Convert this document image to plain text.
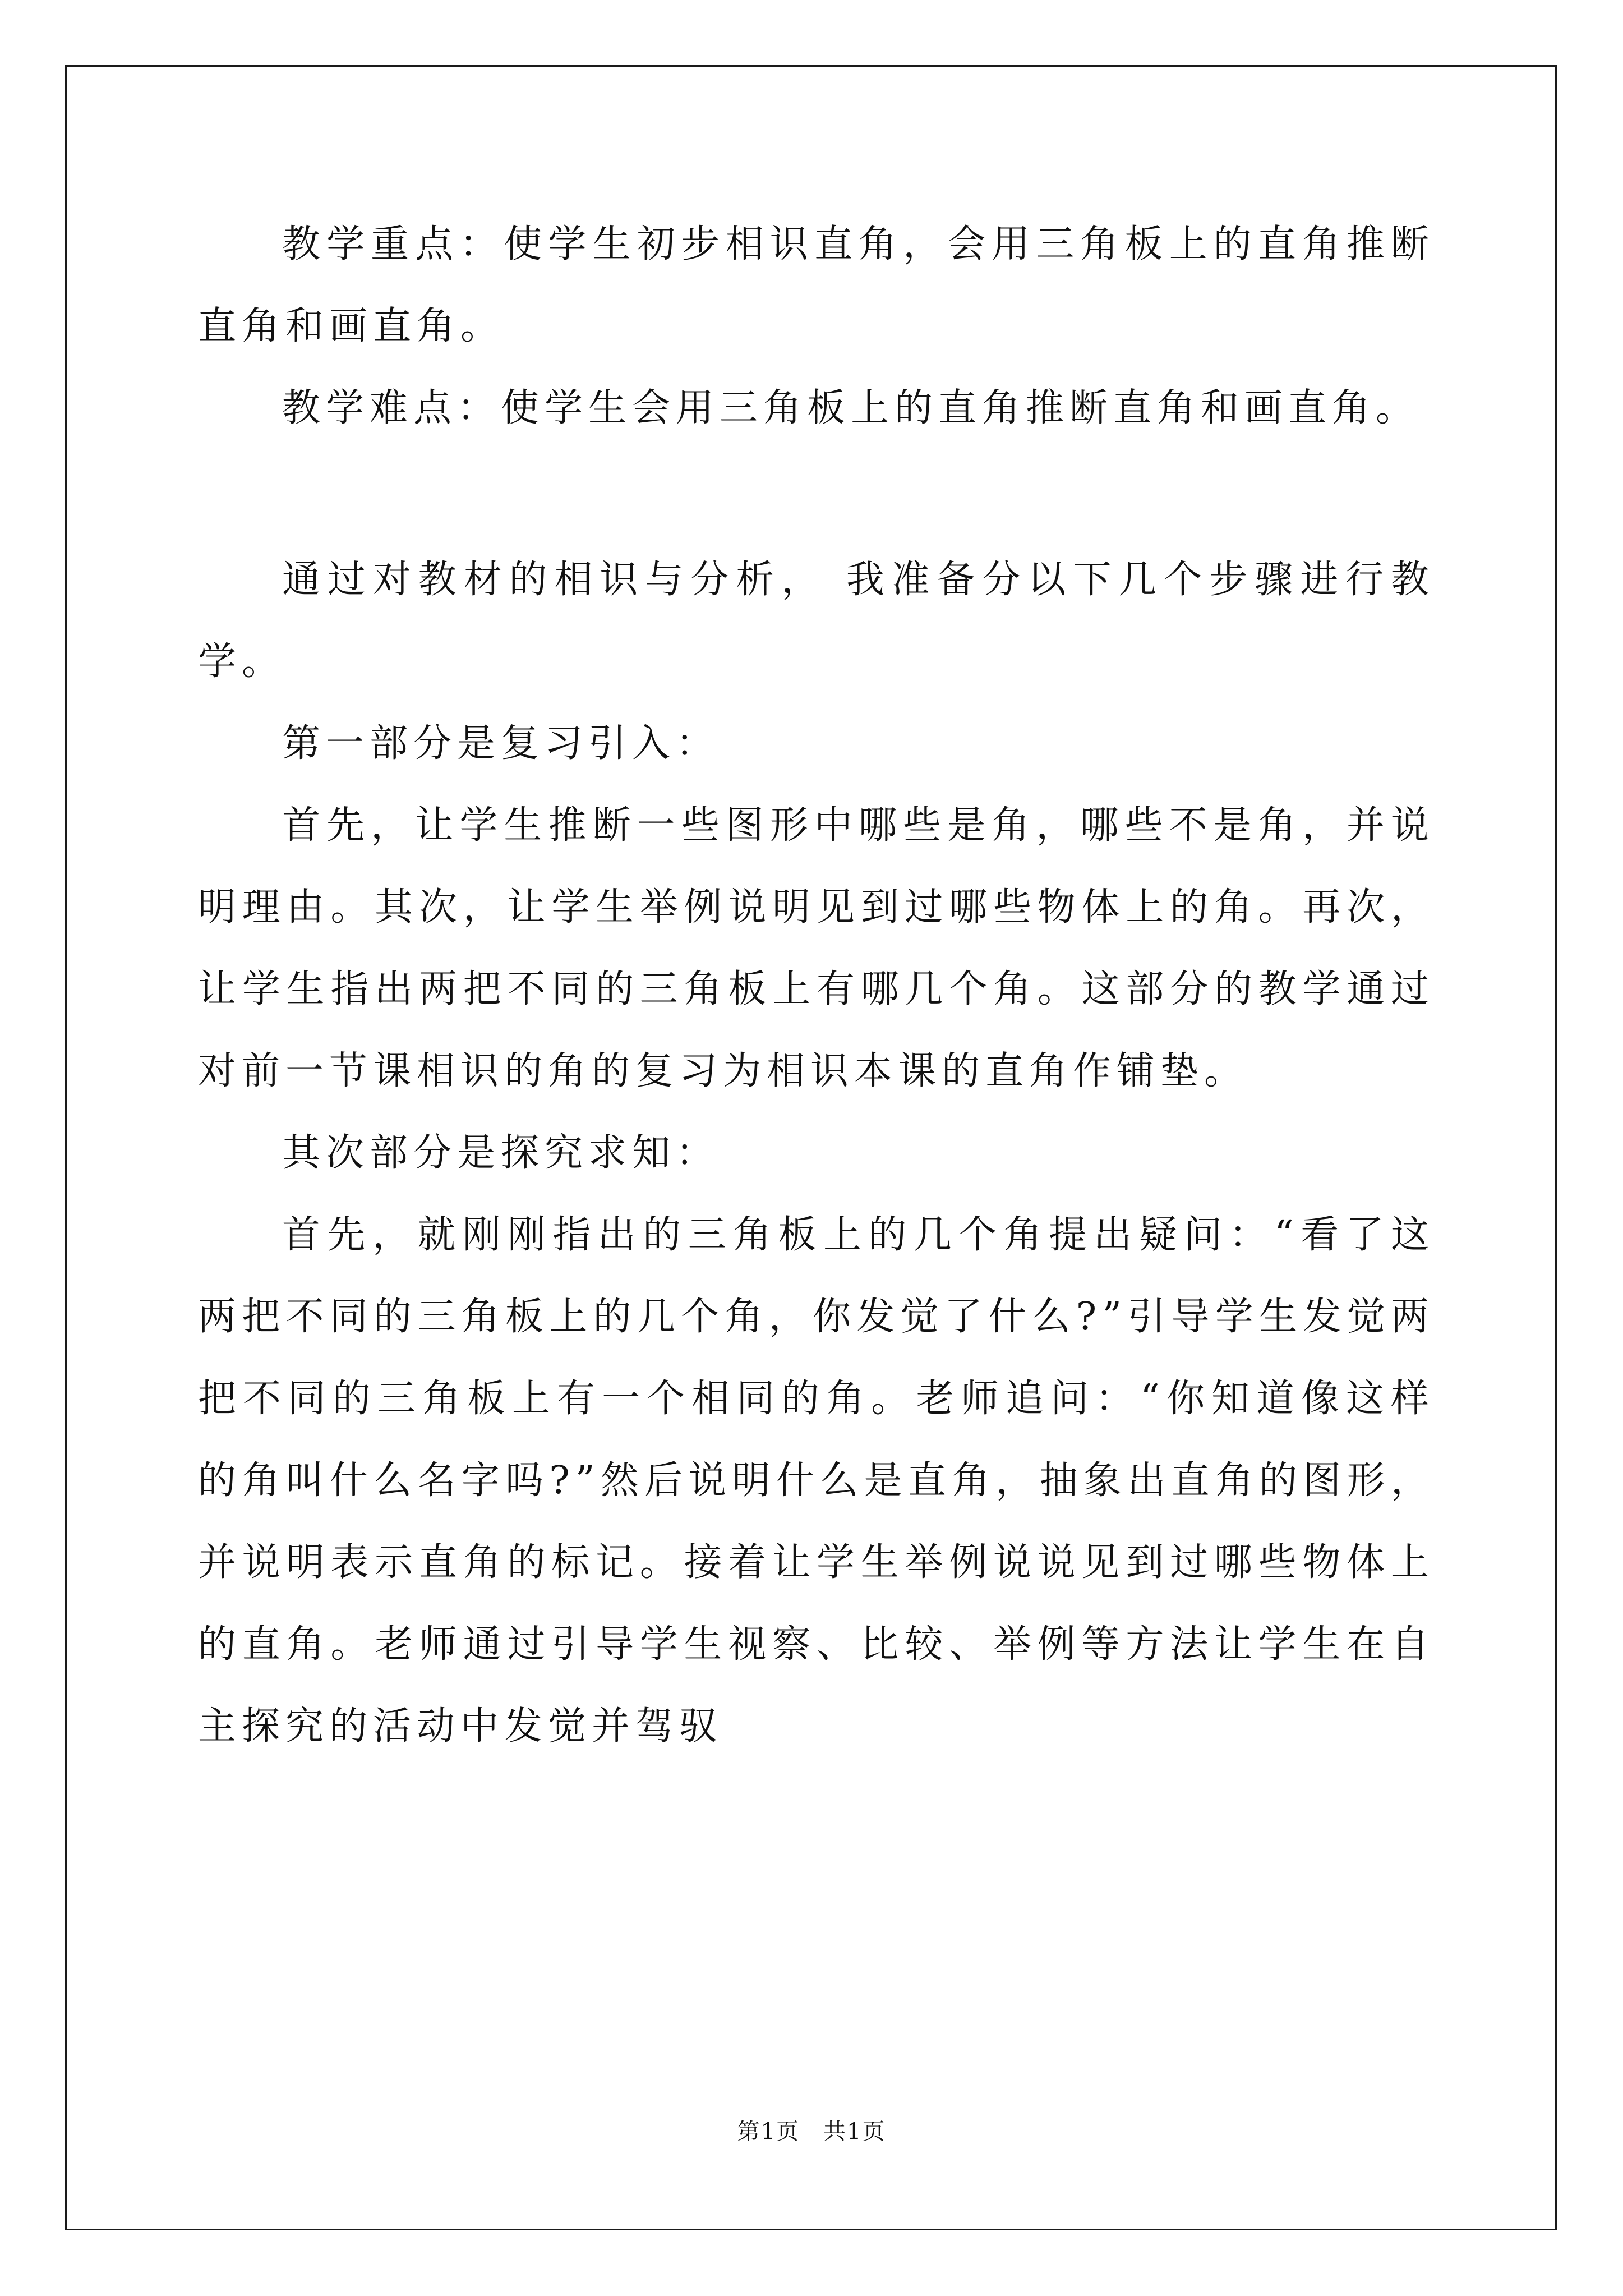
教学重点：使学生初步相识直角，会用三角板上的直角推断直角和画直角。

教学难点：使学生会用三角板上的直角推断直角和画直角。

通过对教材的相识与分析， 我准备分以下几个步骤进行教学。

第一部分是复习引入：

首先，让学生推断一些图形中哪些是角，哪些不是角，并说明理由。其次，让学生举例说明见到过哪些物体上的角。再次，让学生指出两把不同的三角板上有哪几个角。这部分的教学通过对前一节课相识的角的复习为相识本课的直角作铺垫。

其次部分是探究求知：

首先，就刚刚指出的三角板上的几个角提出疑问：“看了这两把不同的三角板上的几个角，你发觉了什么?”引导学生发觉两把不同的三角板上有一个相同的角。老师追问：“你知道像这样的角叫什么名字吗?”然后说明什么是直角，抽象出直角的图形，并说明表示直角的标记。接着让学生举例说说见到过哪些物体上的直角。老师通过引导学生视察、比较、举例等方法让学生在自主探究的活动中发觉并驾驭

第1页　共1页
